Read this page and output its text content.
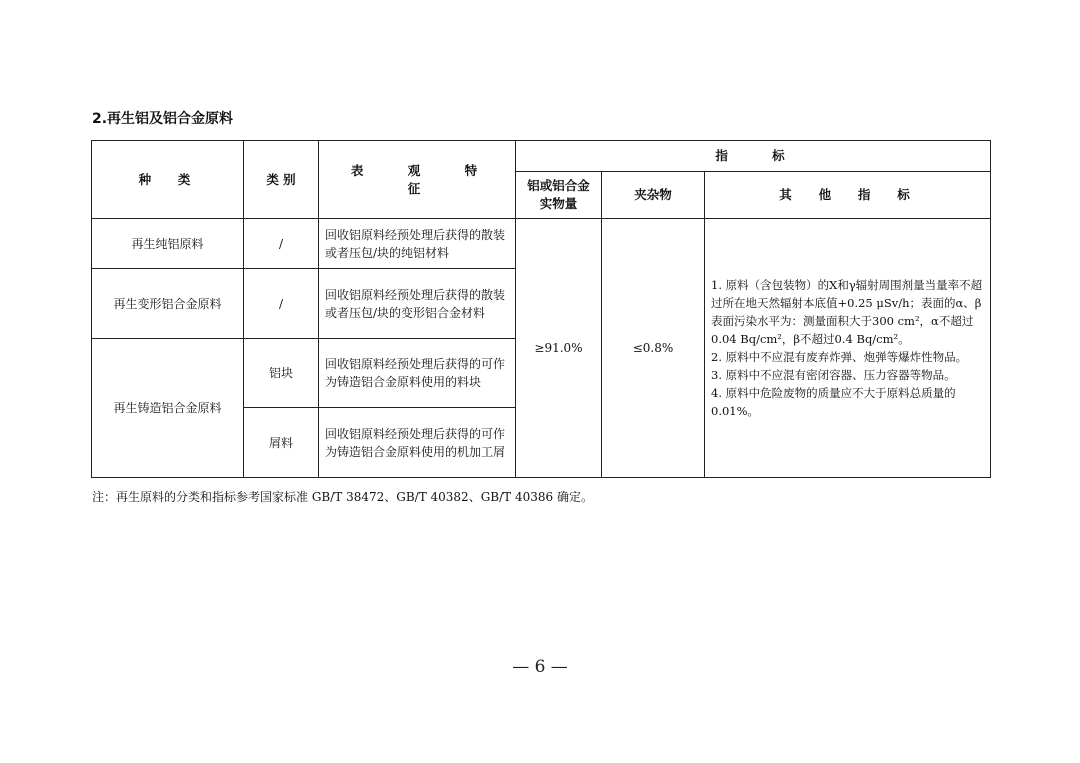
2.再生铝及铝合金原料
种 类	类 别	表 观 特 征	指 标		
			铝或铝合金实物量	夹杂物	其 他 指 标
再生纯铝原料	/	回收铝原料经预处理后获得的散装或者压包/块的纯铝材料	≥91.0%	≤0.8%	1. 原料（含包装物）的Χ和γ辐射周围剂量当量率不超过所在地天然辐射本底值+0.25 μSv/h；表面的α、β表面污染水平为：测量面积大于300 cm²，α不超过0.04 Bq/cm²，β不超过0.4 Bq/cm²。
2. 原料中不应混有废弃炸弹、炮弹等爆炸性物品。
3. 原料中不应混有密闭容器、压力容器等物品。
4. 原料中危险废物的质量应不大于原料总质量的0.01%。

再生变形铝合金原料	/	回收铝原料经预处理后获得的散装或者压包/块的变形铝合金材料			
再生铸造铝合金原料	铝块	回收铝原料经预处理后获得的可作为铸造铝合金原料使用的料块			
	屑料	回收铝原料经预处理后获得的可作为铸造铝合金原料使用的机加工屑			
注：再生原料的分类和指标参考国家标准 GB/T 38472、GB/T 40382、GB/T 40386 确定。
— 6 —
